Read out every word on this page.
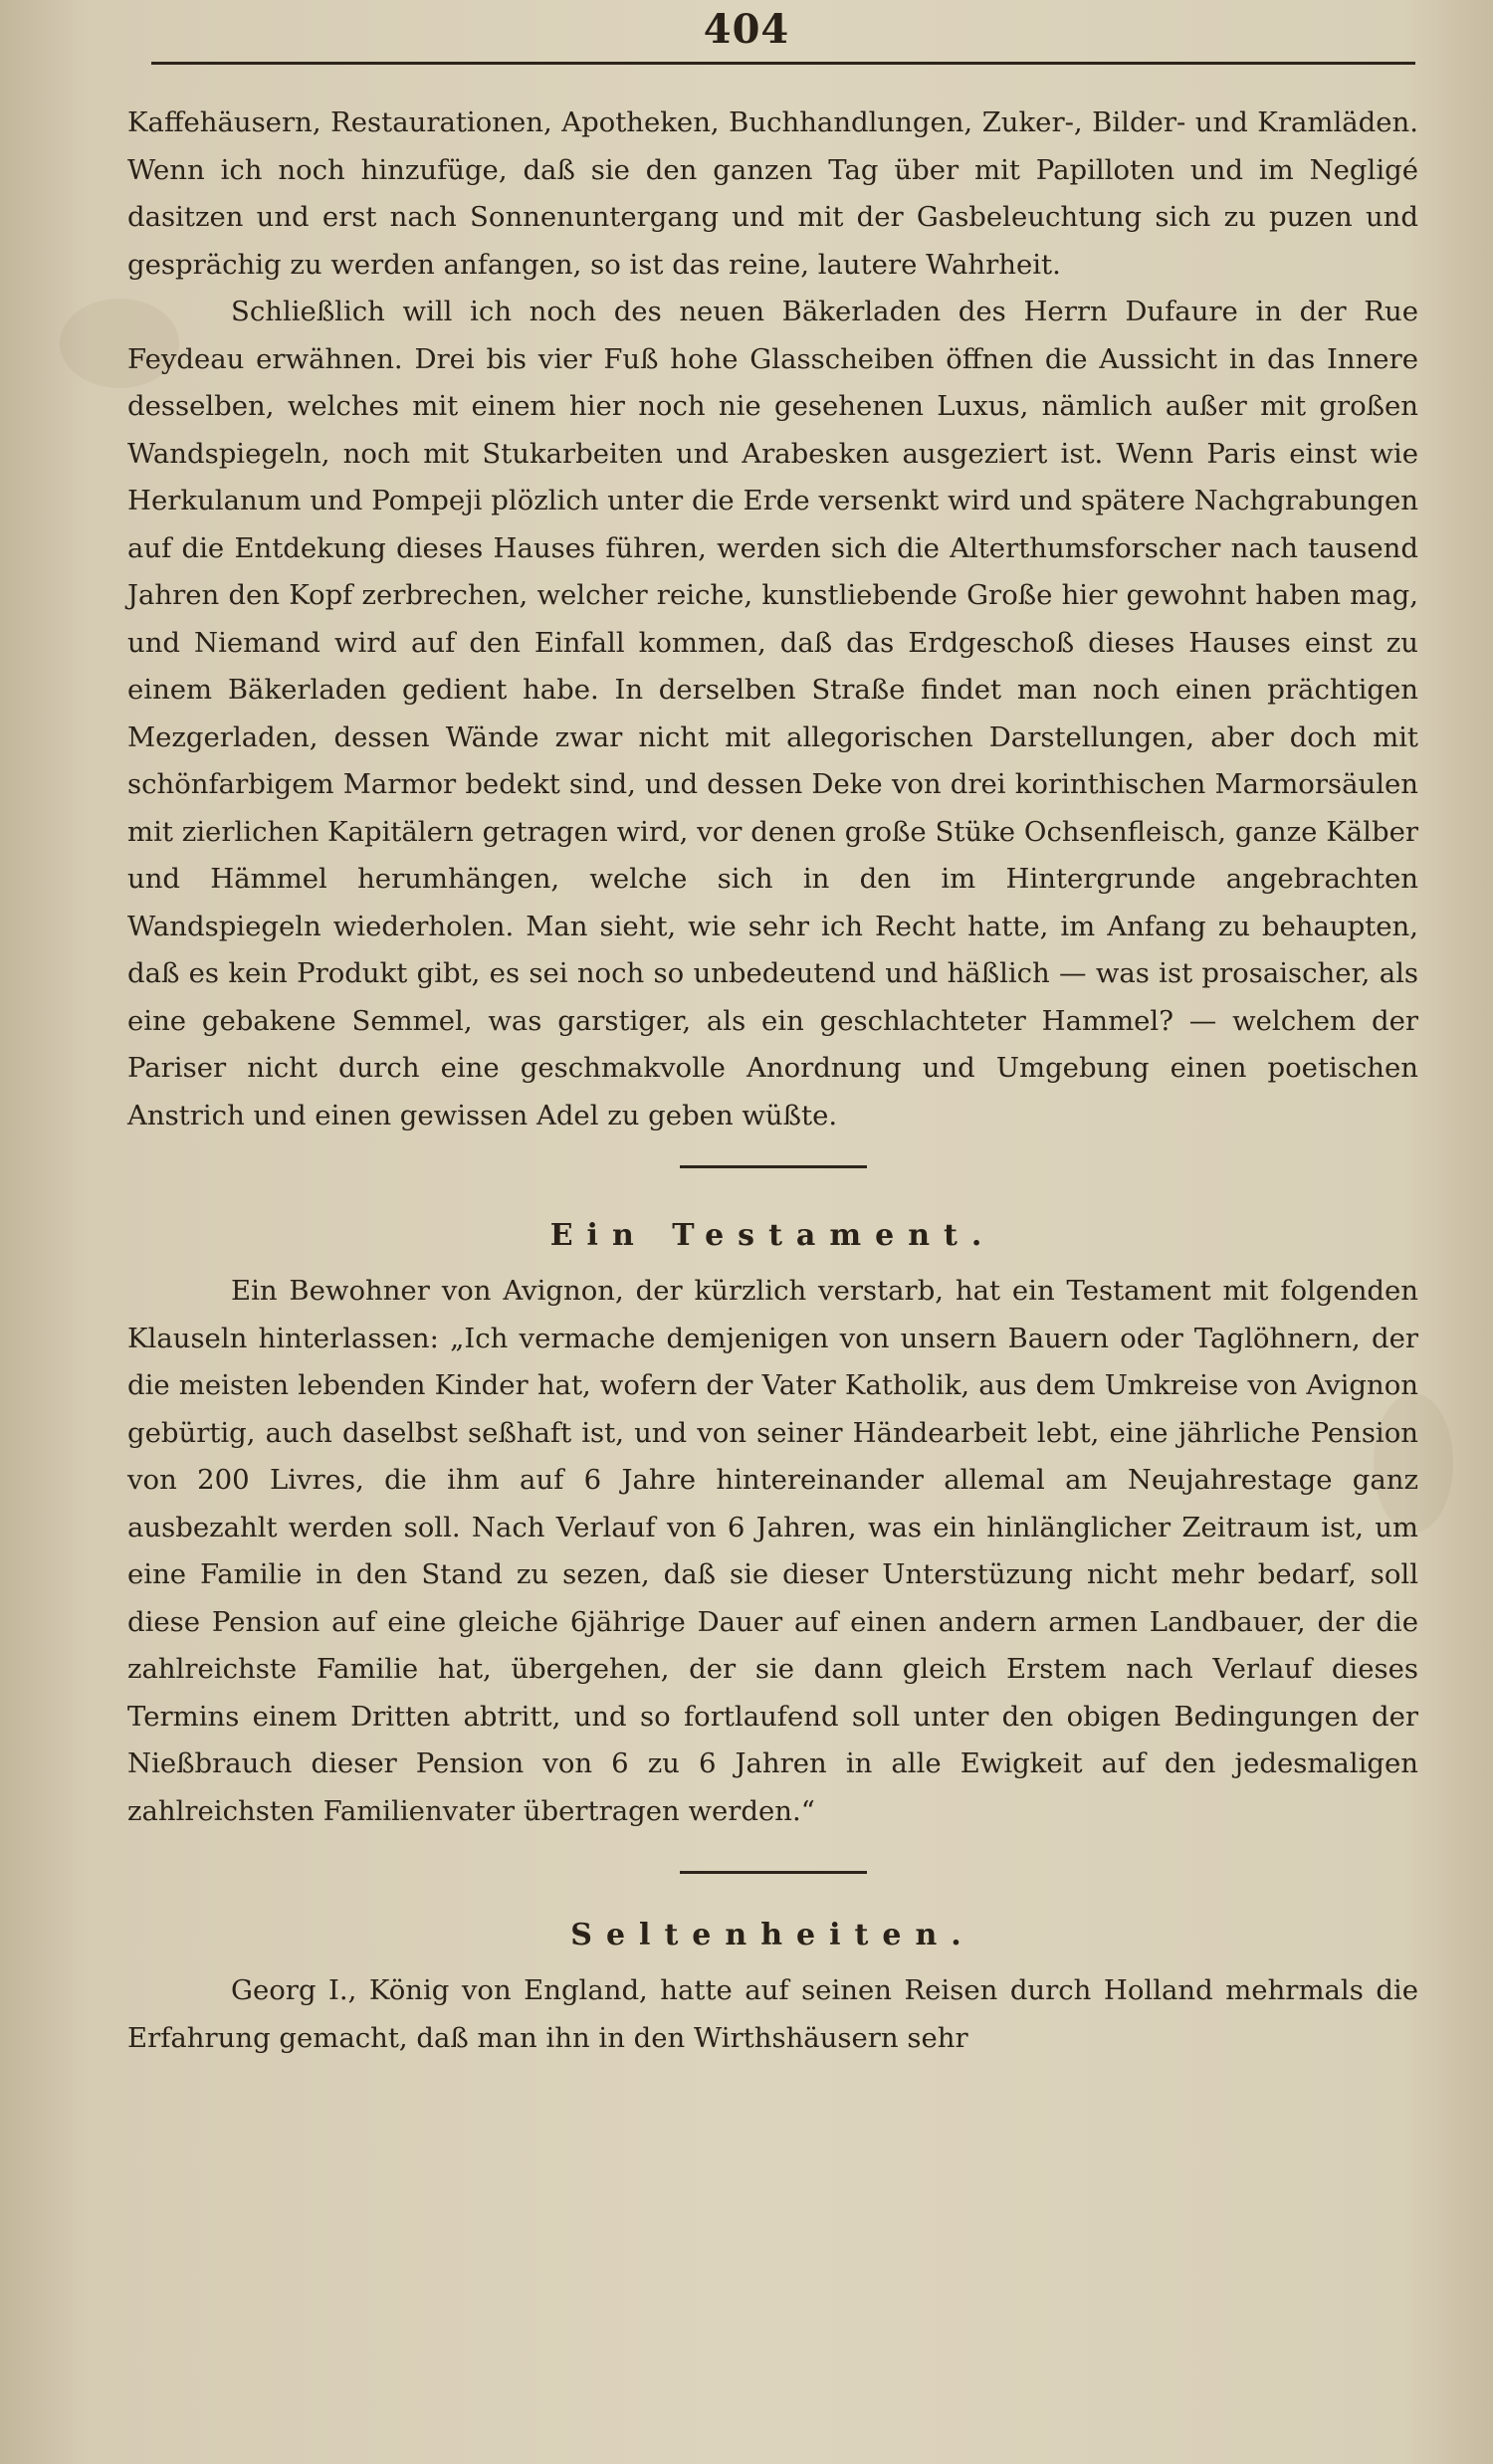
404

Kaffehäusern, Restaurationen, Apotheken, Buchhandlungen, Zuker-, Bilder- und Kramläden. Wenn ich noch hinzufüge, daß sie den ganzen Tag über mit Papilloten und im Negligé dasitzen und erst nach Sonnenuntergang und mit der Gasbeleuchtung sich zu puzen und gesprächig zu werden anfangen, so ist das reine, lautere Wahrheit.

Schließlich will ich noch des neuen Bäkerladen des Herrn Dufaure in der Rue Feydeau erwähnen. Drei bis vier Fuß hohe Glasscheiben öffnen die Aussicht in das Innere desselben, welches mit einem hier noch nie gesehenen Luxus, nämlich außer mit großen Wandspiegeln, noch mit Stukarbeiten und Arabesken ausgeziert ist. Wenn Paris einst wie Herkulanum und Pompeji plözlich unter die Erde versenkt wird und spätere Nachgrabungen auf die Entdekung dieses Hauses führen, werden sich die Alterthumsforscher nach tausend Jahren den Kopf zerbrechen, welcher reiche, kunstliebende Große hier gewohnt haben mag, und Niemand wird auf den Einfall kommen, daß das Erdgeschoß dieses Hauses einst zu einem Bäkerladen gedient habe. In derselben Straße findet man noch einen prächtigen Mezgerladen, dessen Wände zwar nicht mit allegorischen Darstellungen, aber doch mit schönfarbigem Marmor bedekt sind, und dessen Deke von drei korinthischen Marmorsäulen mit zierlichen Kapitälern getragen wird, vor denen große Stüke Ochsenfleisch, ganze Kälber und Hämmel herumhängen, welche sich in den im Hintergrunde angebrachten Wandspiegeln wiederholen. Man sieht, wie sehr ich Recht hatte, im Anfang zu behaupten, daß es kein Produkt gibt, es sei noch so unbedeutend und häßlich — was ist prosaischer, als eine gebakene Semmel, was garstiger, als ein geschlachteter Hammel? — welchem der Pariser nicht durch eine geschmakvolle Anordnung und Umgebung einen poetischen Anstrich und einen gewissen Adel zu geben wüßte.

Ein Testament.

Ein Bewohner von Avignon, der kürzlich verstarb, hat ein Testament mit folgenden Klauseln hinterlassen: „Ich vermache demjenigen von unsern Bauern oder Taglöhnern, der die meisten lebenden Kinder hat, wofern der Vater Katholik, aus dem Umkreise von Avignon gebürtig, auch daselbst seßhaft ist, und von seiner Händearbeit lebt, eine jährliche Pension von 200 Livres, die ihm auf 6 Jahre hintereinander allemal am Neujahrestage ganz ausbezahlt werden soll. Nach Verlauf von 6 Jahren, was ein hinlänglicher Zeitraum ist, um eine Familie in den Stand zu sezen, daß sie dieser Unterstüzung nicht mehr bedarf, soll diese Pension auf eine gleiche 6jährige Dauer auf einen andern armen Landbauer, der die zahlreichste Familie hat, übergehen, der sie dann gleich Erstem nach Verlauf dieses Termins einem Dritten abtritt, und so fortlaufend soll unter den obigen Bedingungen der Nießbrauch dieser Pension von 6 zu 6 Jahren in alle Ewigkeit auf den jedesmaligen zahlreichsten Familienvater übertragen werden.“

Seltenheiten.

Georg I., König von England, hatte auf seinen Reisen durch Holland mehrmals die Erfahrung gemacht, daß man ihn in den Wirthshäusern sehr
